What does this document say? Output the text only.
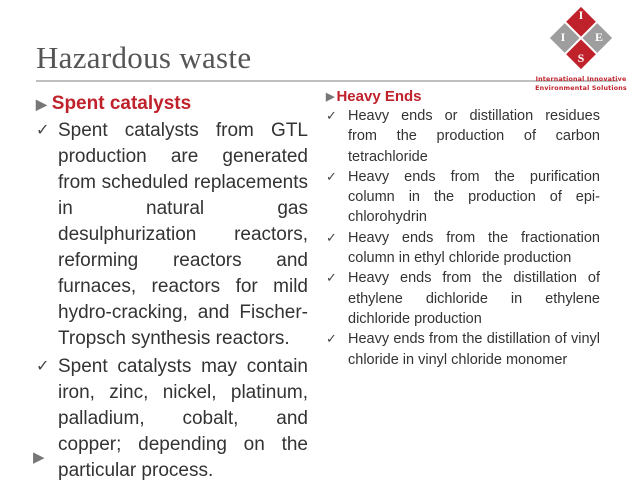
Hazardous waste
I
I E
S
International Innovative
Environmental Solutions
▶ Spent catalysts
✓ Spent catalysts from GTL production are generated from scheduled replacements in natural gas desulphurization reactors, reforming reactors and furnaces, reactors for mild hydro-cracking, and Fischer-Tropsch synthesis reactors.
✓ Spent catalysts may contain iron, zinc, nickel, platinum, palladium, cobalt, and copper; depending on the particular process.
▶ Heavy Ends
✓ Heavy ends or distillation residues from the production of carbon tetrachloride
✓ Heavy ends from the purification column in the production of epi-chlorohydrin
✓ Heavy ends from the fractionation column in ethyl chloride production
✓ Heavy ends from the distillation of ethylene dichloride in ethylene dichloride production
✓ Heavy ends from the distillation of vinyl chloride in vinyl chloride monomer
▶
